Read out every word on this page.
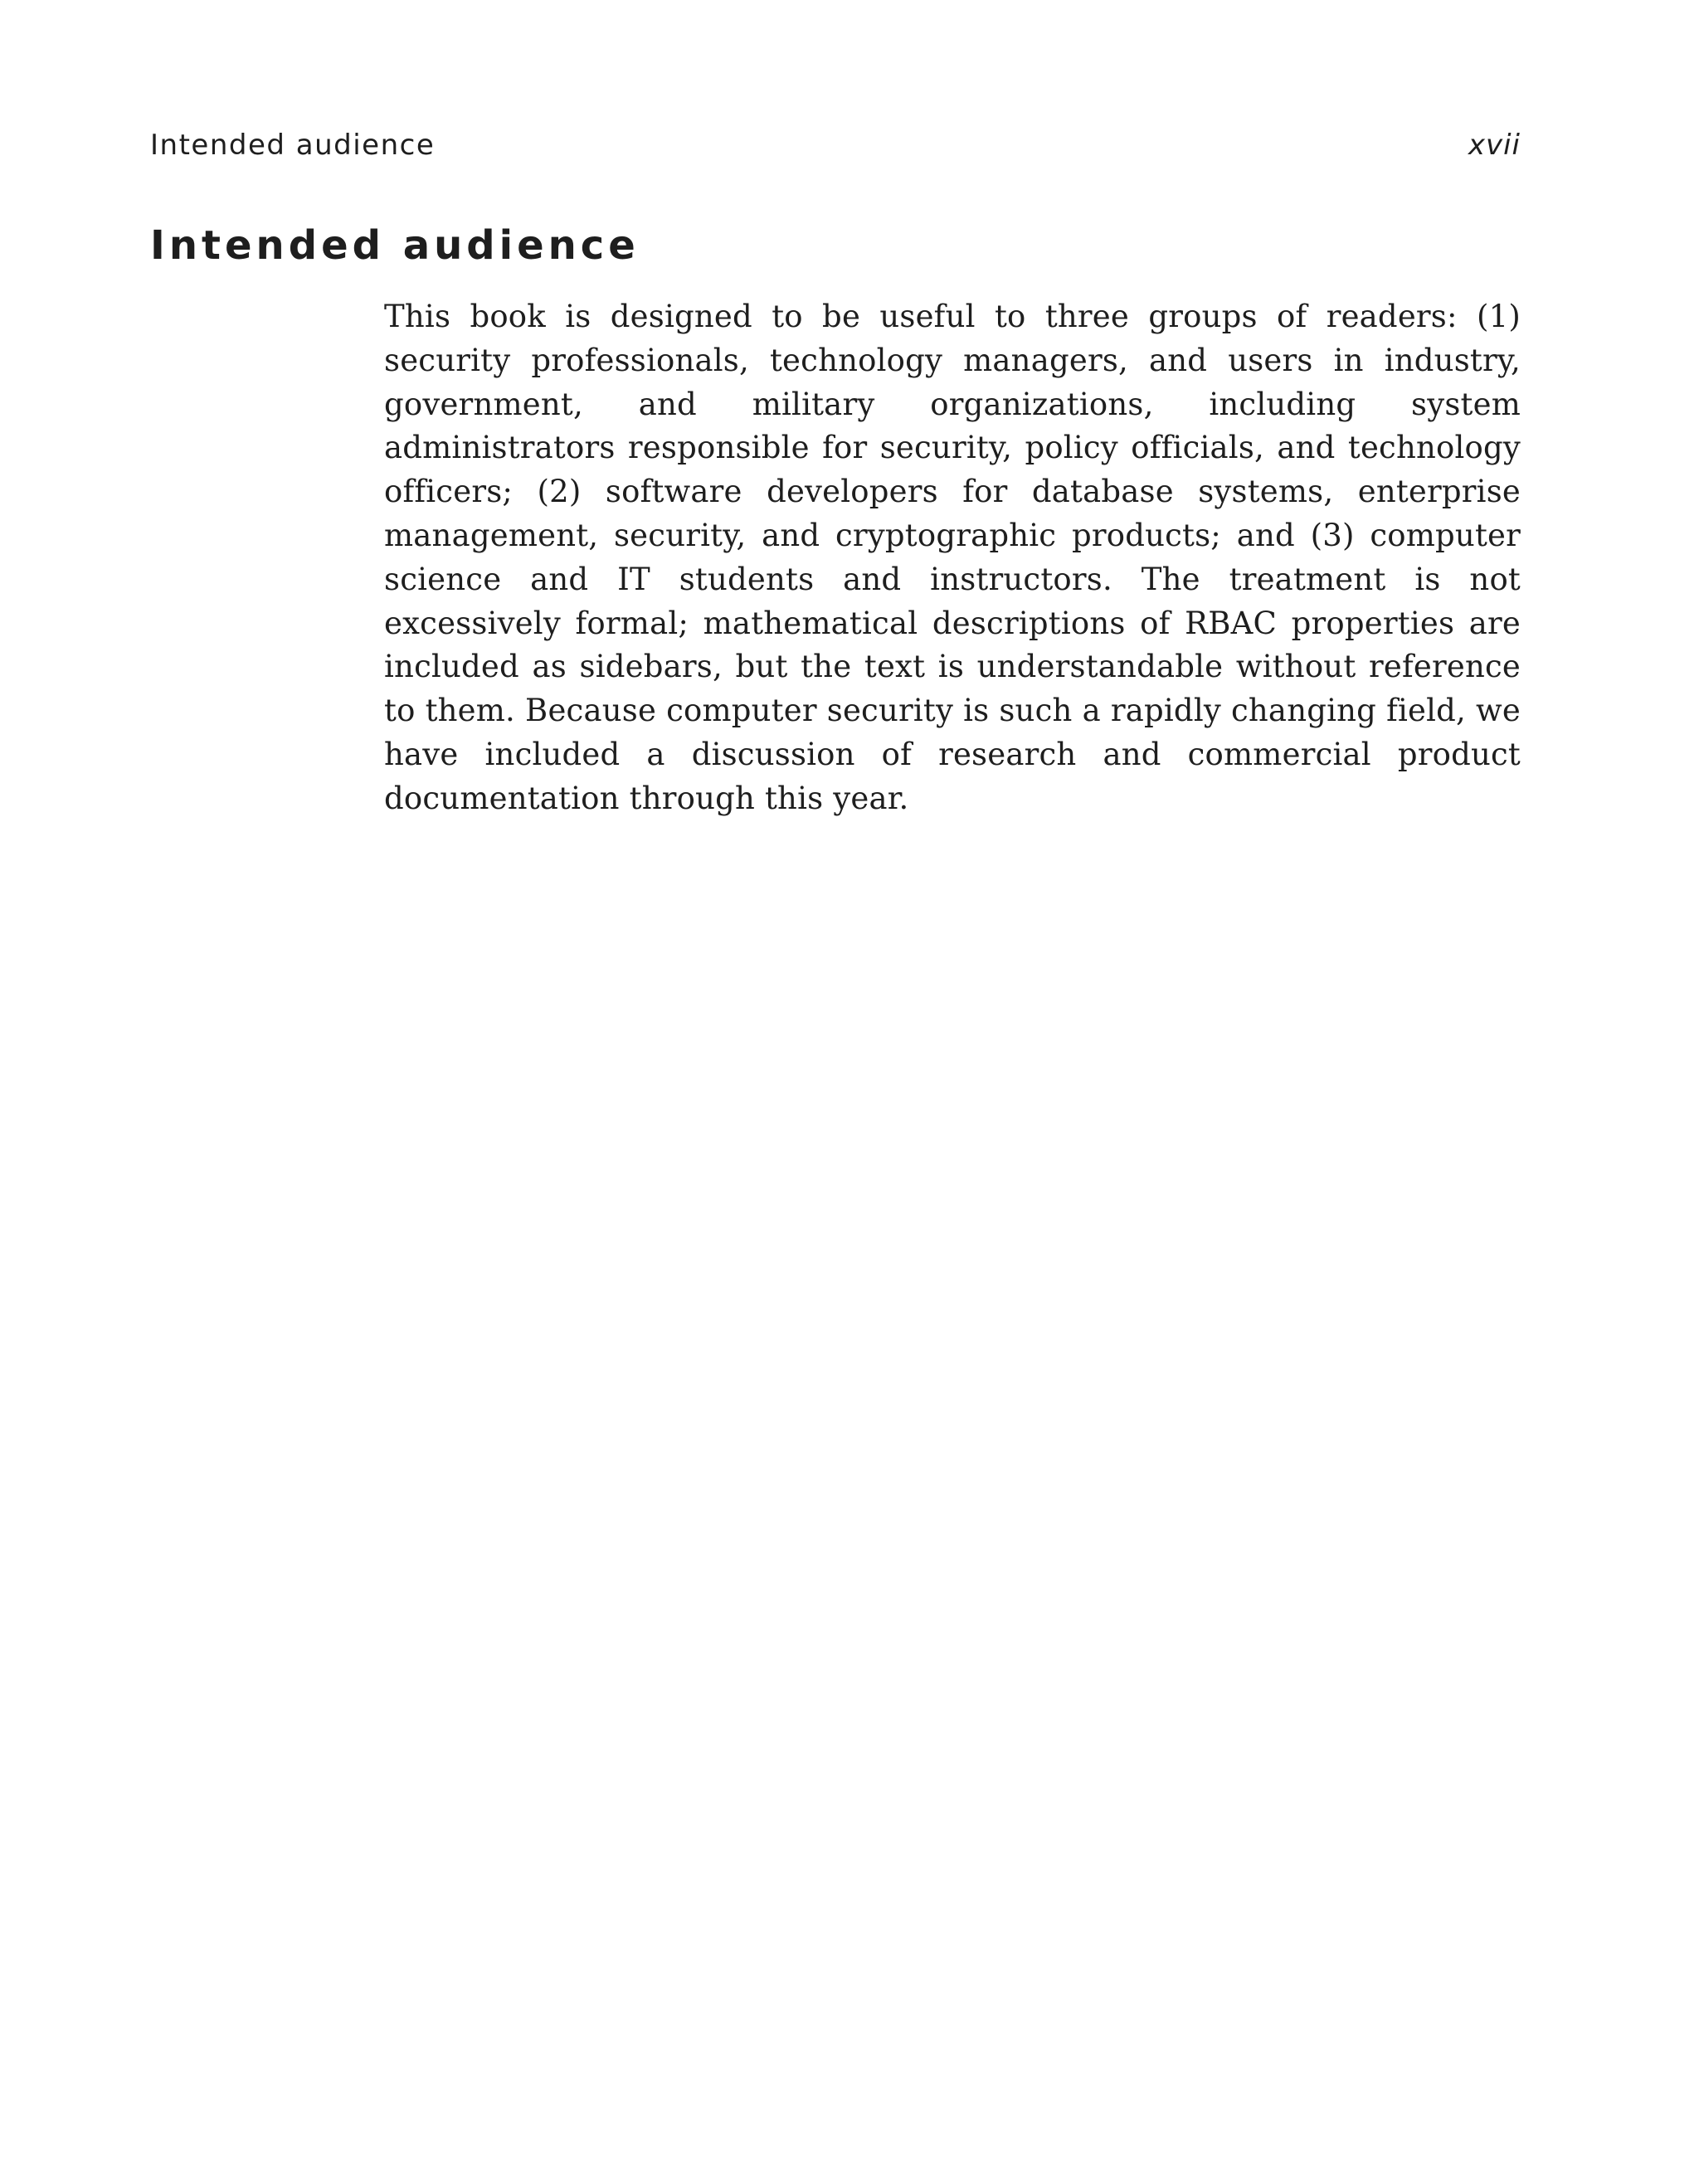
Intended audience	xvii
Intended audience

This book is designed to be useful to three groups of readers: (1) security professionals, technology managers, and users in industry, government, and military organizations, including system administrators responsible for security, policy officials, and technology officers; (2) software developers for database systems, enterprise management, security, and cryptographic products; and (3) computer science and IT students and instructors. The treatment is not excessively formal; mathematical descriptions of RBAC properties are included as sidebars, but the text is understandable without reference to them. Because computer security is such a rapidly changing field, we have included a discussion of research and commercial product documentation through this year.
